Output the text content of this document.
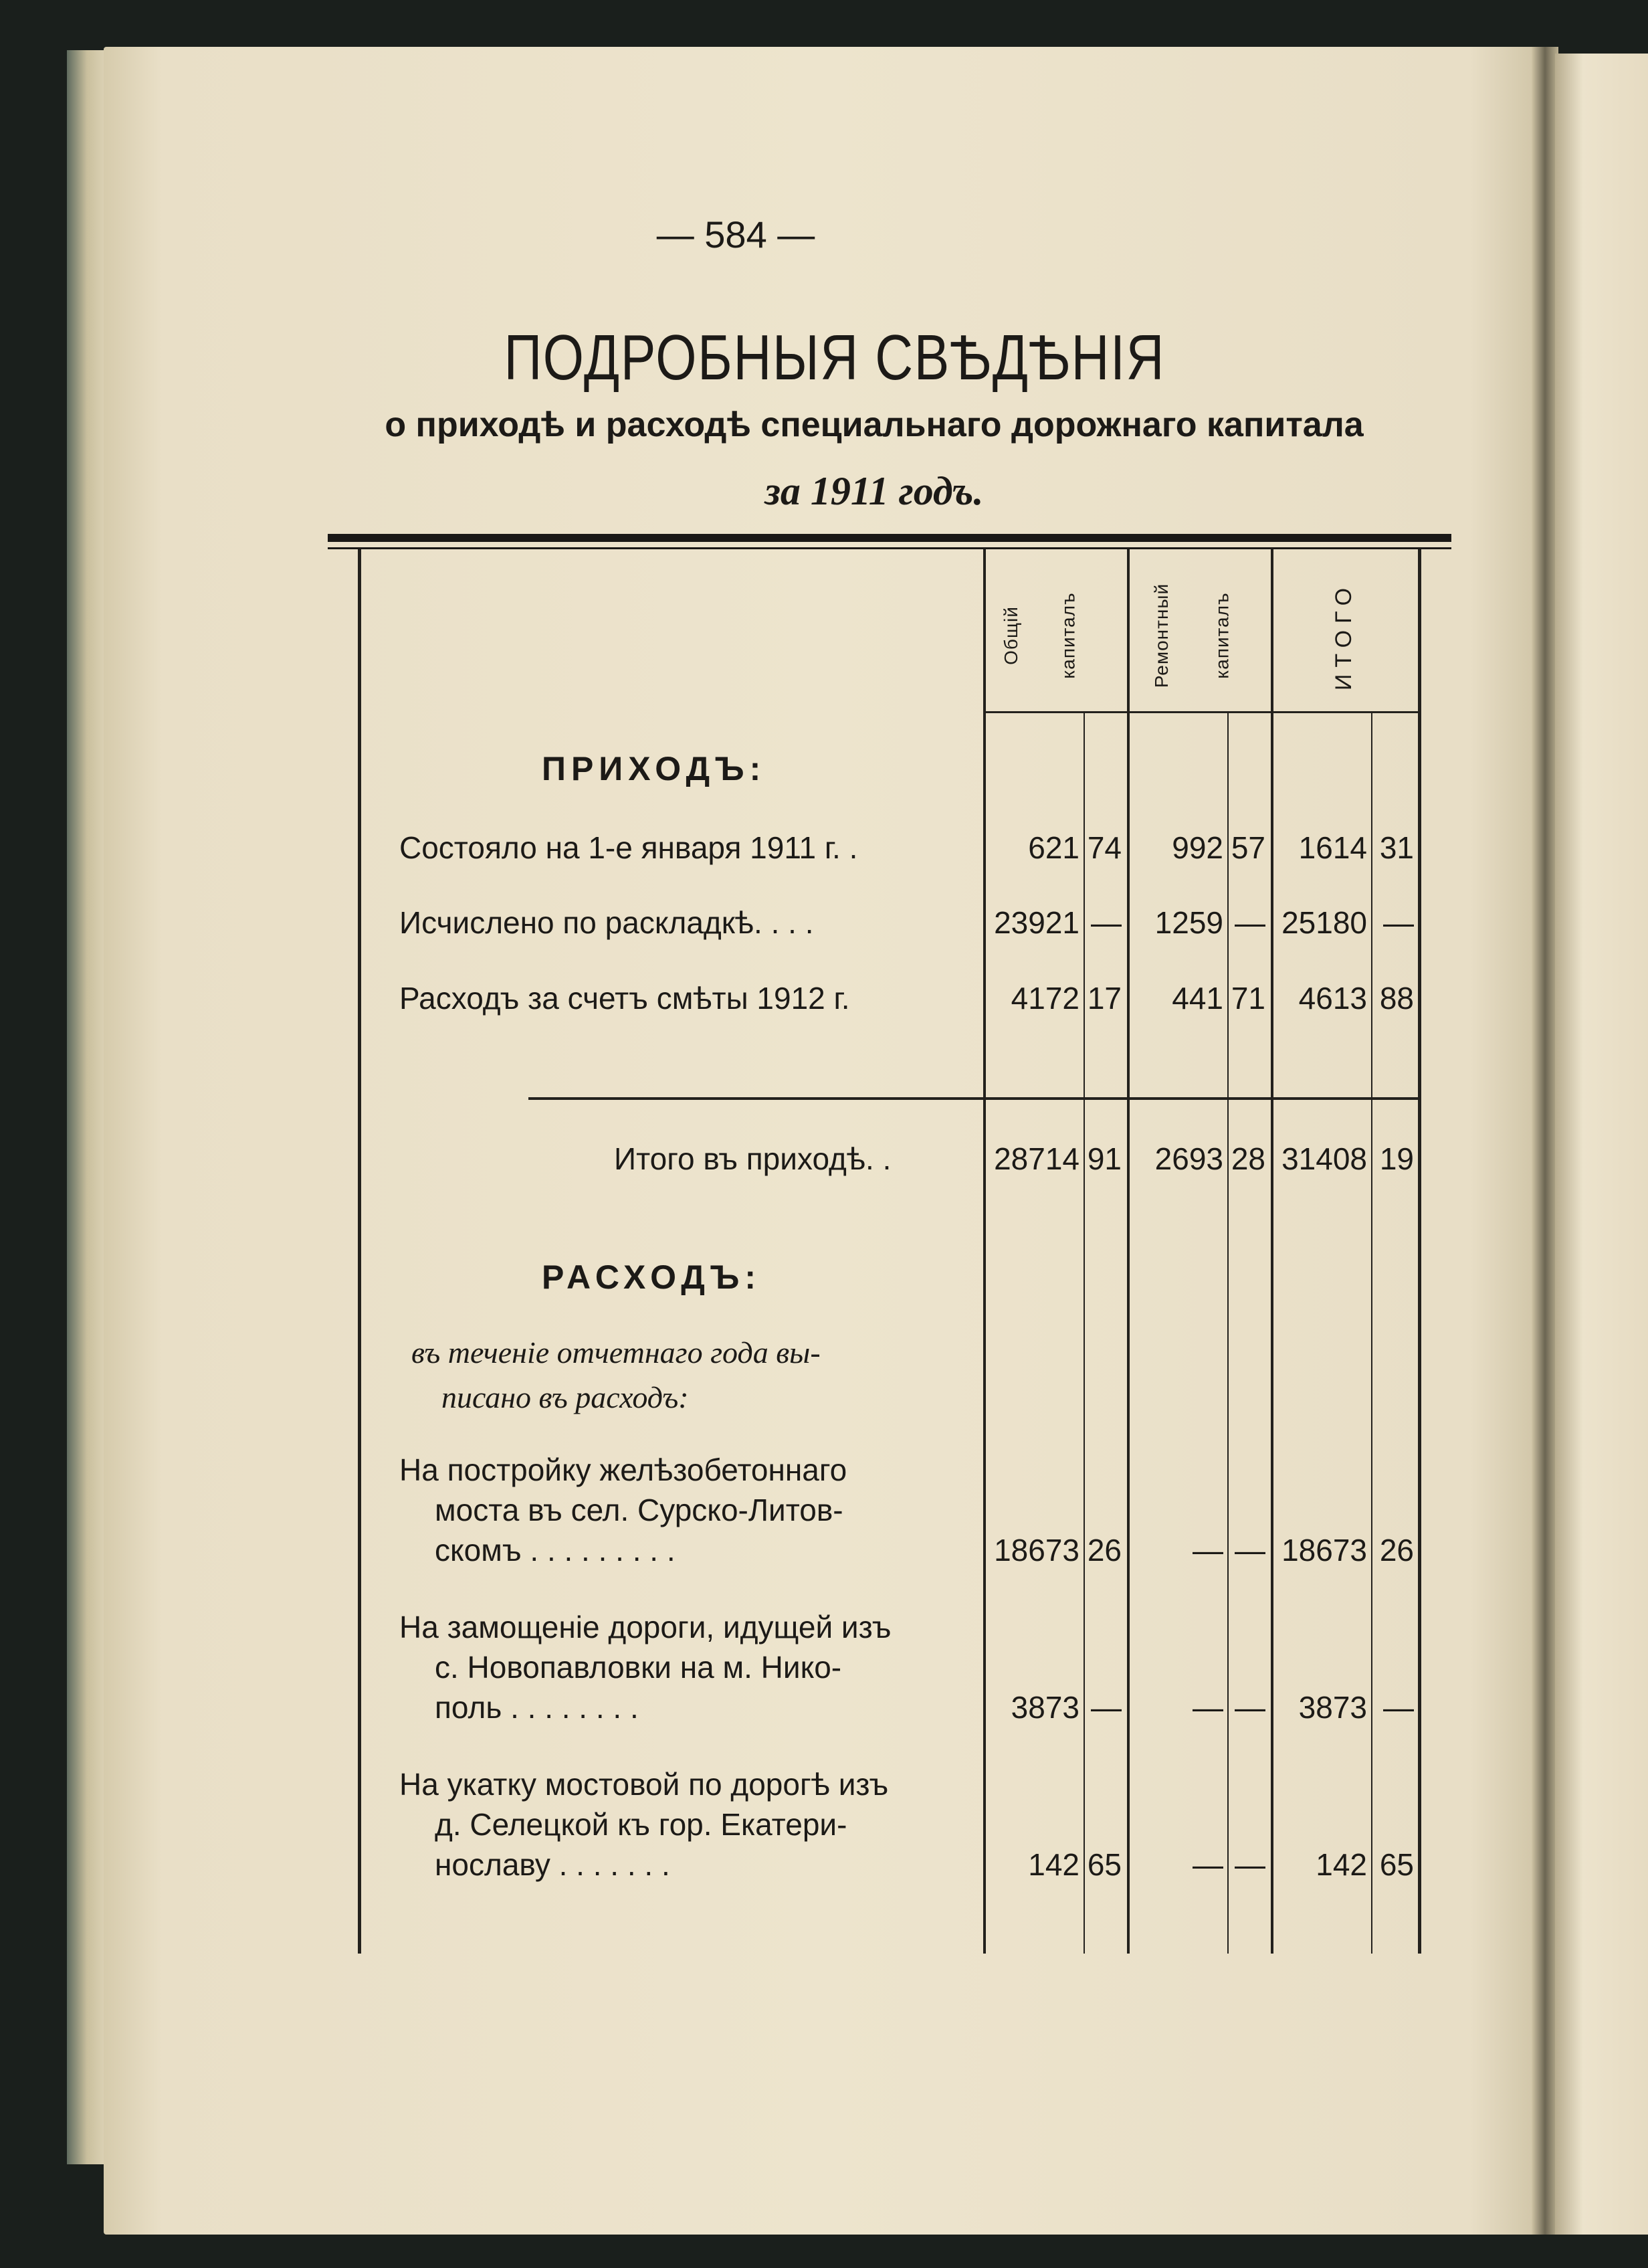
— 584 —
ПОДРОБНЫЯ СВѢДѢНІЯ
о приходѣ и расходѣ специальнаго дорожнаго капитала
за 1911 годъ.
Общій капиталъ	Ремонтный капиталъ	ИТОГО
ПРИХОДЪ:
Состояло на 1-е января 1911 г. .	621 74	992 57	1614 31
Исчислено по раскладкѣ. . . .	23921 —	1259 — 25180 —
Расходъ за счетъ смѣты 1912 г.	4172 17	441 71	4613 88
Итого въ приходѣ. .	28714 91	2693 28 31408 19
РАСХОДЪ:
въ теченіе отчетнаго года вы-
писано въ расходъ:
На постройку желѣзобетоннаго
моста въ сел. Сурско-Литов-
скомъ . . . . . . . . .	18673 26	— — 18673 26
На замощеніе дороги, идущей изъ
с. Новопавловки на м. Нико-
поль . . . . . . . .	3873 —	— —	3873 —
На укатку мостовой по дорогѣ изъ
д. Селецкой къ гор. Екатери-
нославу . . . . . . .	142 65	— —	142 65
